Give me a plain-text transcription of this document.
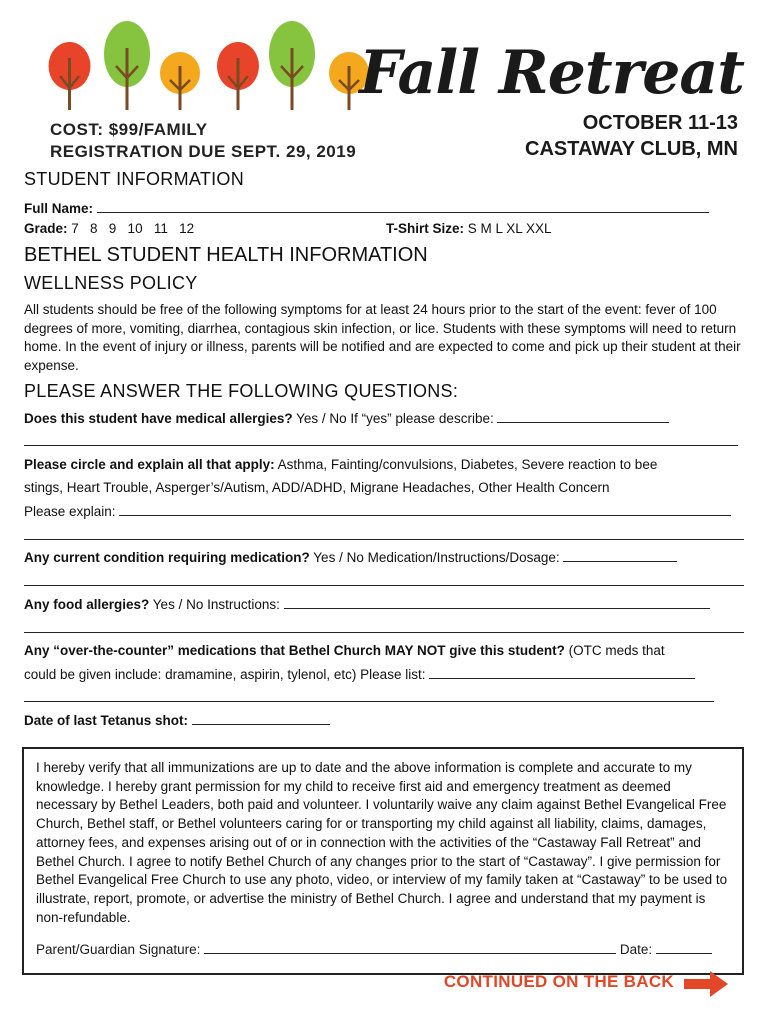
Fall Retreat
COST: $99/FAMILY
REGISTRATION DUE SEPT. 29, 2019
OCTOBER 11-13
CASTAWAY CLUB, MN
STUDENT INFORMATION
Full Name:
Grade: 7   8   9   10   11   12	T-Shirt Size: S M L XL XXL
BETHEL STUDENT HEALTH INFORMATION
WELLNESS POLICY
All students should be free of the following symptoms for at least 24 hours prior to the start of the event: fever of 100 degrees of more, vomiting, diarrhea, contagious skin infection, or lice. Students with these symptoms will need to return home. In the event of injury or illness, parents will be notified and are expected to come and pick up their student at their expense.
PLEASE ANSWER THE FOLLOWING QUESTIONS:
Does this student have medical allergies? Yes / No If “yes” please describe:
Please circle and explain all that apply: Asthma, Fainting/convulsions, Diabetes, Severe reaction to bee
stings, Heart Trouble, Asperger’s/Autism, ADD/ADHD, Migrane Headaches, Other Health Concern
Please explain:
Any current condition requiring medication? Yes / No Medication/Instructions/Dosage:
Any food allergies? Yes / No Instructions:
Any “over-the-counter” medications that Bethel Church MAY NOT give this student? (OTC meds that
could be given include: dramamine, aspirin, tylenol, etc) Please list:
Date of last Tetanus shot:
I hereby verify that all immunizations are up to date and the above information is complete and accurate to my knowledge. I hereby grant permission for my child to receive first aid and emergency treatment as deemed necessary by Bethel Leaders, both paid and volunteer. I voluntarily waive any claim against Bethel Evangelical Free Church, Bethel staff, or Bethel volunteers caring for or transporting my child against all liability, claims, damages, attorney fees, and expenses arising out of or in connection with the activities of the “Castaway Fall Retreat” and Bethel Church. I agree to notify Bethel Church of any changes prior to the start of “Castaway”. I give permission for Bethel Evangelical Free Church to use any photo, video, or interview of my family taken at “Castaway” to be used to illustrate, report, promote, or advertise the ministry of Bethel Church. I agree and understand that my payment is non-refundable.
Parent/Guardian Signature:	Date:
CONTINUED ON THE BACK
